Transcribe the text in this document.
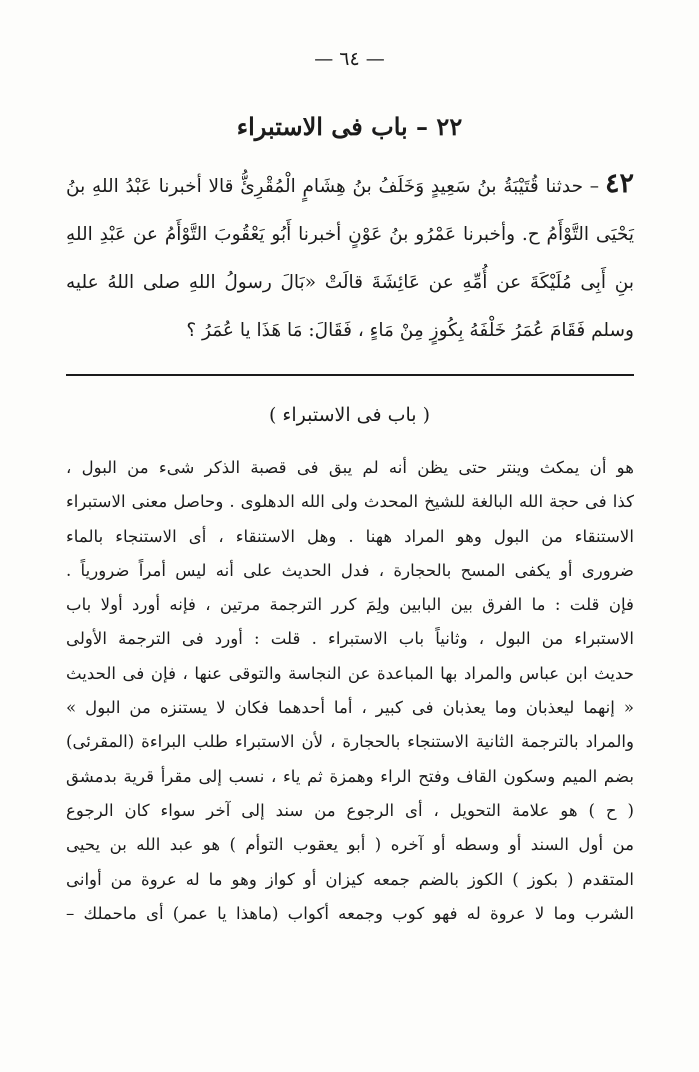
— ٦٤ —
٢٢ – باب فى الاستبراء
٤٢– حدثنا قُتَيْبَةُ بنُ سَعِيدٍ وَخَلَفُ بنُ هِشَامٍ الْمُقْرِئُّ قالا أخبرنا عَبْدُ اللهِ بنُ يَحْيَى التَّوْأَمُ ح. وأخبرنا عَمْرُو بنُ عَوْنٍ أخبرنا أَبُو يَعْقُوبَ التَّوْأَمُ عن عَبْدِ اللهِ بنِ أَبِى مُلَيْكَةَ عن أُمِّهِ عن عَائِشَةَ قالَتْ «بَالَ رسولُ اللهِ صلى اللهُ عليه وسلم فَقَامَ عُمَرُ خَلْفَهُ بِكُوزٍ مِنْ مَاءٍ ، فَقَالَ: مَا هَذَا يا عُمَرُ ؟
( باب فى الاستبراء )
هو أن يمكث وينتر حتى يظن أنه لم يبق فى قصبة الذكر شىء من البول ،
كذا فى حجة الله البالغة للشيخ المحدث ولى الله الدهلوى . وحاصل معنى الاستبراء
الاستنقاء من البول وهو المراد ههنا . وهل الاستنقاء ، أى الاستنجاء بالماء
ضرورى أو يكفى المسح بالحجارة ، فدل الحديث على أنه ليس أمراً ضرورياً .
فإن قلت : ما الفرق بين البابين ولِمَ كرر الترجمة مرتين ، فإنه أورد أولا باب
الاستبراء من البول ، وثانياً باب الاستبراء . قلت : أورد فى الترجمة الأولى
حديث ابن عباس والمراد بها المباعدة عن النجاسة والتوقى عنها ، فإن فى الحديث
« إنهما ليعذبان وما يعذبان فى كبير ، أما أحدهما فكان لا يستنزه من البول »
والمراد بالترجمة الثانية الاستنجاء بالحجارة ، لأن الاستبراء طلب البراءة (المقرئى)
بضم الميم وسكون القاف وفتح الراء وهمزة ثم ياء ، نسب إلى مقرأ قرية بدمشق
( ح ) هو علامة التحويل ، أى الرجوع من سند إلى آخر سواء كان الرجوع
من أول السند أو وسطه أو آخره ( أبو يعقوب التوأم ) هو عبد الله بن يحيى
المتقدم ( بكوز ) الكوز بالضم جمعه كيزان أو كواز وهو ما له عروة من أوانى
الشرب وما لا عروة له فهو كوب وجمعه أكواب (ماهذا يا عمر) أى ماحملك –
